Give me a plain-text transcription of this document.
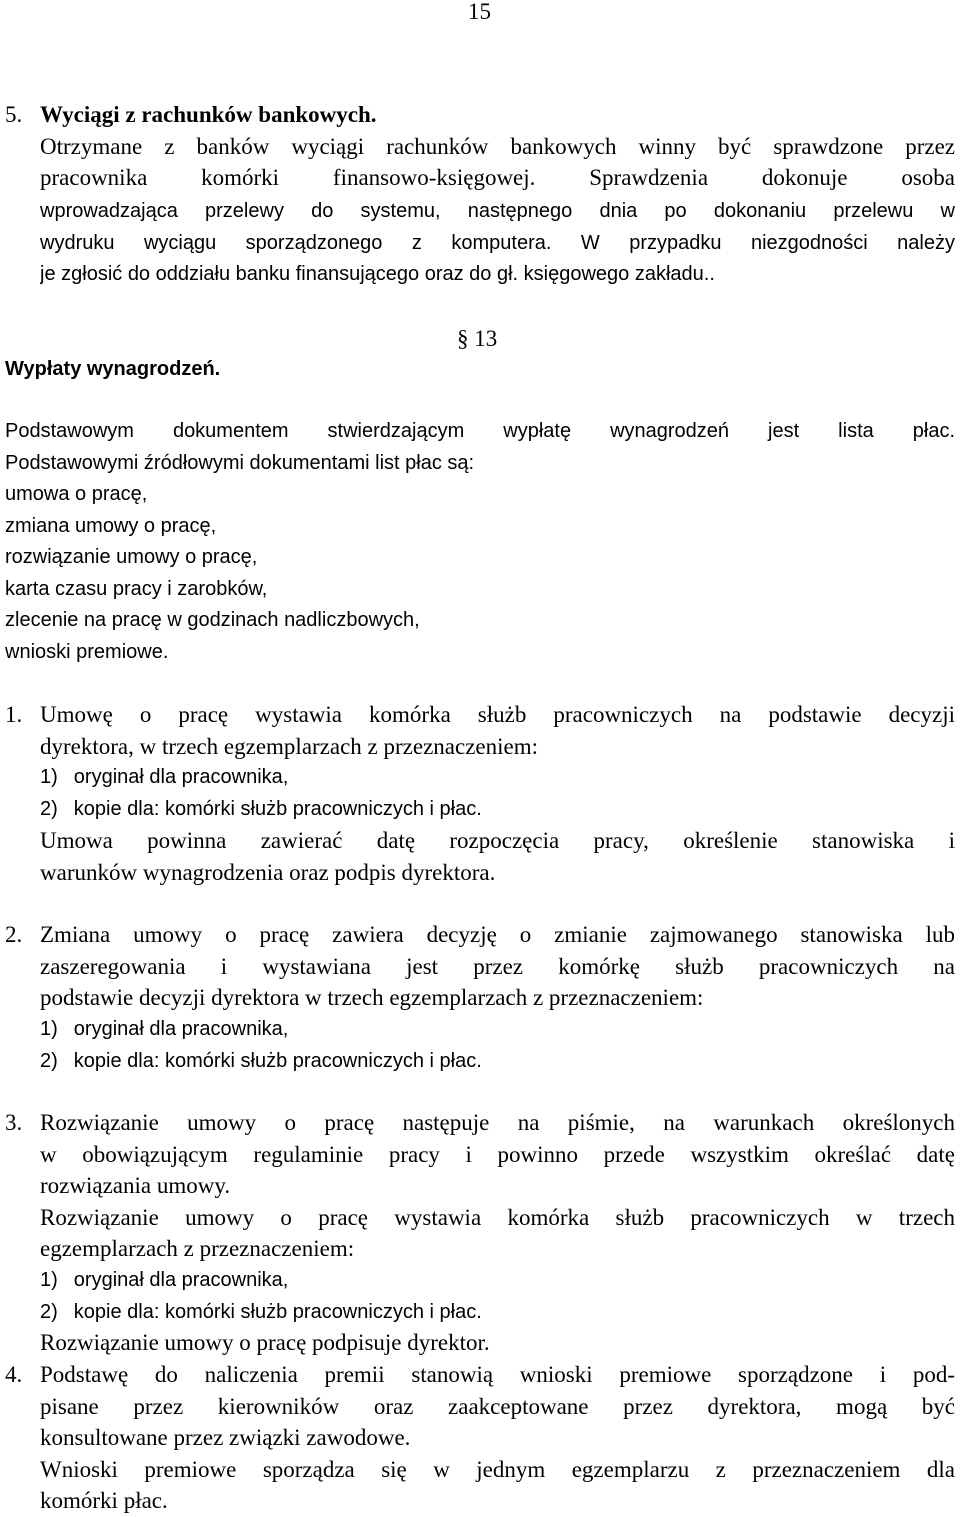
15
5. Wyciągi z rachunków bankowych.
Otrzymane z banków wyciągi rachunków bankowych winny być sprawdzone przez
pracownika komórki finansowo-księgowej. Sprawdzenia dokonuje osoba
wprowadzająca przelewy do systemu, następnego dnia po dokonaniu przelewu w
wydruku wyciągu sporządzonego z komputera. W przypadku niezgodności należy
je zgłosić do oddziału banku finansującego oraz do gł. księgowego zakładu..
§ 13
Wypłaty wynagrodzeń.
Podstawowym dokumentem stwierdzającym wypłatę wynagrodzeń jest lista płac.
Podstawowymi źródłowymi dokumentami list płac są:
umowa o pracę,
zmiana umowy o pracę,
rozwiązanie umowy o pracę,
karta czasu pracy i zarobków,
zlecenie na pracę w godzinach nadliczbowych,
wnioski premiowe.
1. Umowę o pracę wystawia komórka służb pracowniczych na podstawie decyzji
dyrektora, w trzech egzemplarzach z przeznaczeniem:
1) oryginał dla pracownika,
2) kopie dla: komórki służb pracowniczych i płac.
Umowa powinna zawierać datę rozpoczęcia pracy, określenie stanowiska i
warunków wynagrodzenia oraz podpis dyrektora.
2. Zmiana umowy o pracę zawiera decyzję o zmianie zajmowanego stanowiska lub
zaszeregowania i wystawiana jest przez komórkę służb pracowniczych na
podstawie decyzji dyrektora w trzech egzemplarzach z przeznaczeniem:
1) oryginał dla pracownika,
2) kopie dla: komórki służb pracowniczych i płac.
3. Rozwiązanie umowy o pracę następuje na piśmie, na warunkach określonych
w obowiązującym regulaminie pracy i powinno przede wszystkim określać datę
rozwiązania umowy.
Rozwiązanie umowy o pracę wystawia komórka służb pracowniczych w trzech
egzemplarzach z przeznaczeniem:
1) oryginał dla pracownika,
2) kopie dla: komórki służb pracowniczych i płac.
Rozwiązanie umowy o pracę podpisuje dyrektor.
4. Podstawę do naliczenia premii stanowią wnioski premiowe sporządzone i pod-
pisane przez kierowników oraz zaakceptowane przez dyrektora, mogą być
konsultowane przez związki zawodowe.
Wnioski premiowe sporządza się w jednym egzemplarzu z przeznaczeniem dla
komórki płac.
